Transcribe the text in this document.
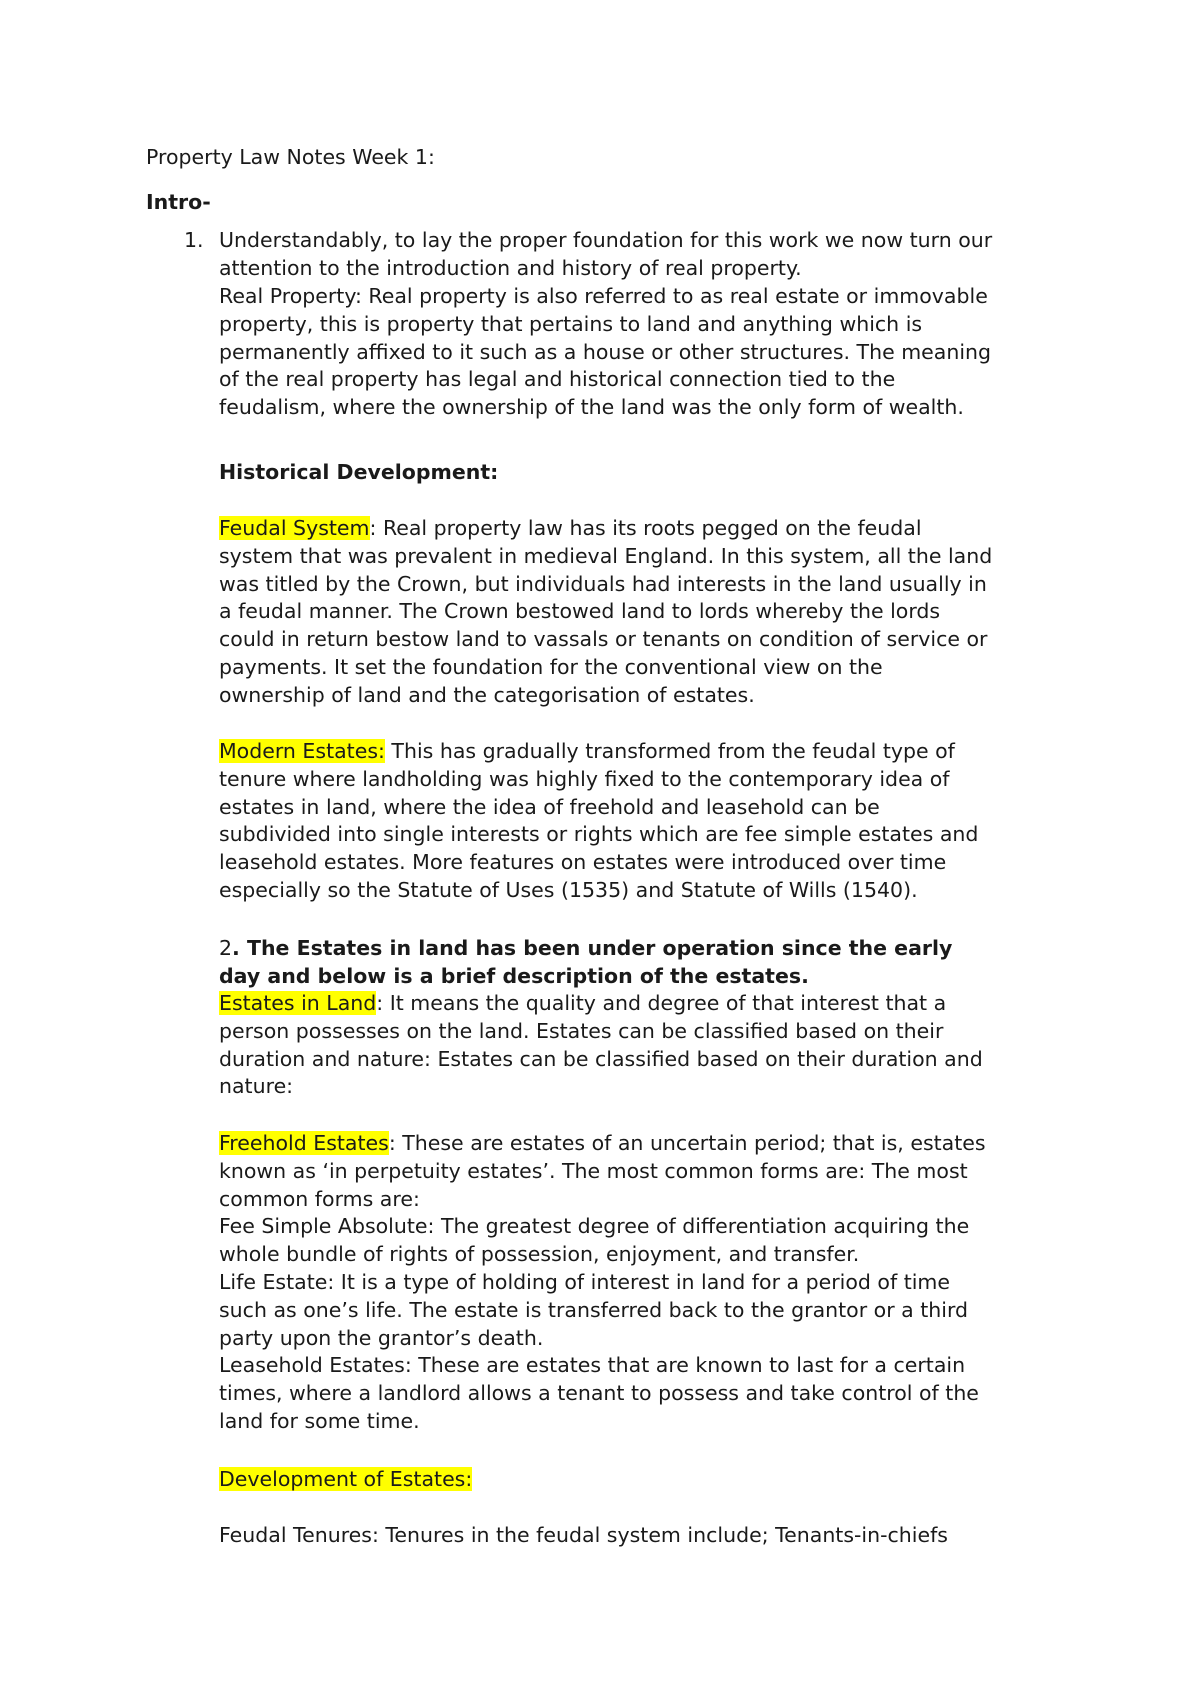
Property Law Notes Week 1:
Intro-
1. Understandably, to lay the proper foundation for this work we now turn our
attention to the introduction and history of real property.
Real Property: Real property is also referred to as real estate or immovable
property, this is property that pertains to land and anything which is
permanently affixed to it such as a house or other structures. The meaning
of the real property has legal and historical connection tied to the
feudalism, where the ownership of the land was the only form of wealth.
Historical Development:
Feudal System: Real property law has its roots pegged on the feudal
system that was prevalent in medieval England. In this system, all the land
was titled by the Crown, but individuals had interests in the land usually in
a feudal manner. The Crown bestowed land to lords whereby the lords
could in return bestow land to vassals or tenants on condition of service or
payments. It set the foundation for the conventional view on the
ownership of land and the categorisation of estates.
Modern Estates: This has gradually transformed from the feudal type of
tenure where landholding was highly fixed to the contemporary idea of
estates in land, where the idea of freehold and leasehold can be
subdivided into single interests or rights which are fee simple estates and
leasehold estates. More features on estates were introduced over time
especially so the Statute of Uses (1535) and Statute of Wills (1540).
2. The Estates in land has been under operation since the early
day and below is a brief description of the estates.
Estates in Land: It means the quality and degree of that interest that a
person possesses on the land. Estates can be classified based on their
duration and nature: Estates can be classified based on their duration and
nature:
Freehold Estates: These are estates of an uncertain period; that is, estates
known as ‘in perpetuity estates’. The most common forms are: The most
common forms are:
Fee Simple Absolute: The greatest degree of differentiation acquiring the
whole bundle of rights of possession, enjoyment, and transfer.
Life Estate: It is a type of holding of interest in land for a period of time
such as one’s life. The estate is transferred back to the grantor or a third
party upon the grantor’s death.
Leasehold Estates: These are estates that are known to last for a certain
times, where a landlord allows a tenant to possess and take control of the
land for some time.
Development of Estates:
Feudal Tenures: Tenures in the feudal system include; Tenants-in-chiefs
